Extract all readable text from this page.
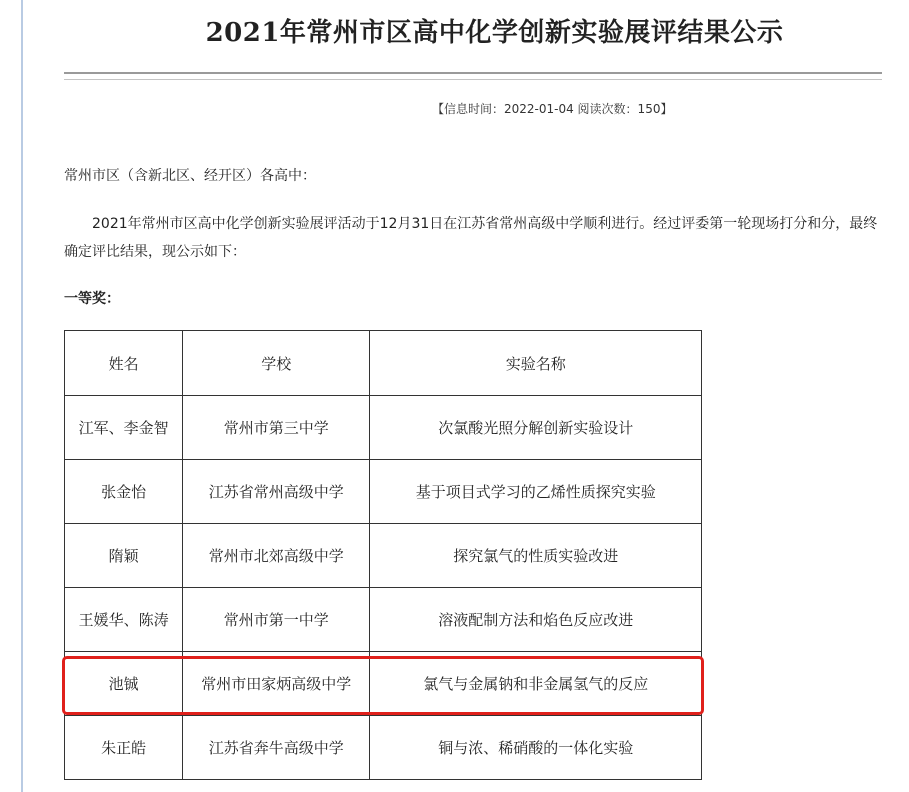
2021年常州市区高中化学创新实验展评结果公示
【信息时间：2022-01-04 阅读次数：150】
常州市区（含新北区、经开区）各高中：
2021年常州市区高中化学创新实验展评活动于12月31日在江苏省常州高级中学顺利进行。经过评委第一轮现场打分和分，最终确定评比结果，现公示如下：
一等奖：
姓名	学校	实验名称
江军、李金智	常州市第三中学	次氯酸光照分解创新实验设计
张金怡	江苏省常州高级中学	基于项目式学习的乙烯性质探究实验
隋颖	常州市北郊高级中学	探究氯气的性质实验改进
王媛华、陈涛	常州市第一中学	溶液配制方法和焰色反应改进
池铖	常州市田家炳高级中学	氯气与金属钠和非金属氢气的反应
朱正皓	江苏省奔牛高级中学	铜与浓、稀硝酸的一体化实验
